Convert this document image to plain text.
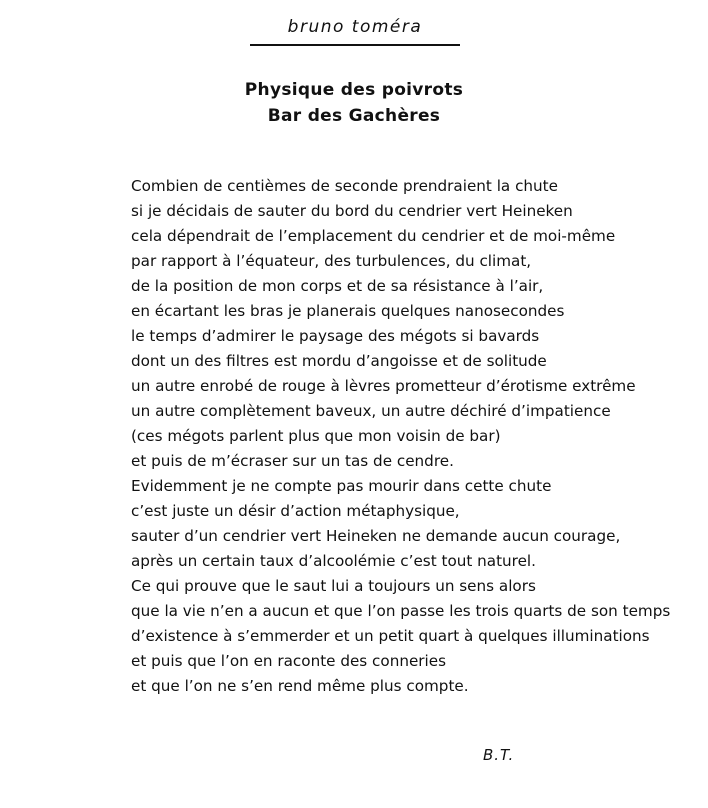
bruno toméra
Physique des poivrots
Bar des Gachères
Combien de centièmes de seconde prendraient la chute
si je décidais de sauter du bord du cendrier vert Heineken
cela dépendrait de l’emplacement du cendrier et de moi-même
par rapport à l’équateur, des turbulences, du climat,
de la position de mon corps et de sa résistance à l’air,
en écartant les bras je planerais quelques nanosecondes
le temps d’admirer le paysage des mégots si bavards
dont un des filtres est mordu d’angoisse et de solitude
un autre enrobé de rouge à lèvres prometteur d’érotisme extrême
un autre complètement baveux, un autre déchiré d’impatience
(ces mégots parlent plus que mon voisin de bar)
et puis de m’écraser sur un tas de cendre.
Evidemment je ne compte pas mourir dans cette chute
c’est juste un désir d’action métaphysique,
sauter d’un cendrier vert Heineken ne demande aucun courage,
après un certain taux d’alcoolémie c’est tout naturel.
Ce qui prouve que le saut lui a toujours un sens alors
que la vie n’en a aucun et que l’on passe les trois quarts de son temps
d’existence à s’emmerder et un petit quart à quelques illuminations
et puis que l’on en raconte des conneries
et que l’on ne s’en rend même plus compte.
B.T.
